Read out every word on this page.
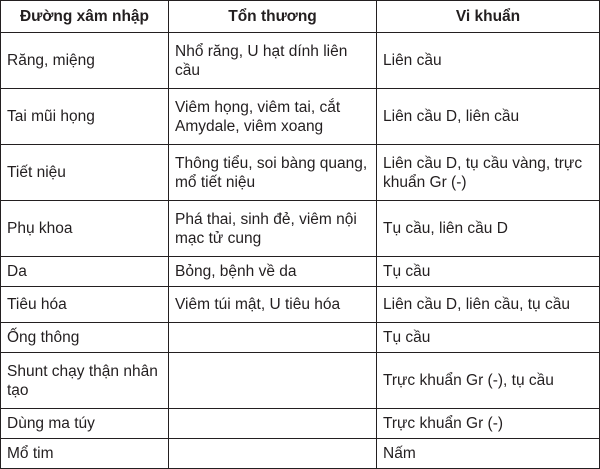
Đường xâm nhập	Tổn thương	Vi khuẩn
Răng, miệng	Nhổ răng, U hạt dính liên cầu	Liên cầu
Tai mũi họng	Viêm họng, viêm tai, cắt Amydale, viêm xoang	Liên cầu D, liên cầu
Tiết niệu	Thông tiểu, soi bàng quang, mổ tiết niệu	Liên cầu D, tụ cầu vàng, trực khuẩn Gr (-)
Phụ khoa	Phá thai, sinh đẻ, viêm nội mạc tử cung	Tụ cầu, liên cầu D
Da	Bỏng, bệnh về da	Tụ cầu
Tiêu hóa	Viêm túi mật, U tiêu hóa	Liên cầu D, liên cầu, tụ cầu
Ống thông		Tụ cầu
Shunt chạy thận nhân tạo		Trực khuẩn Gr (-), tụ cầu
Dùng ma túy		Trực khuẩn Gr (-)
Mổ tim		Nấm
